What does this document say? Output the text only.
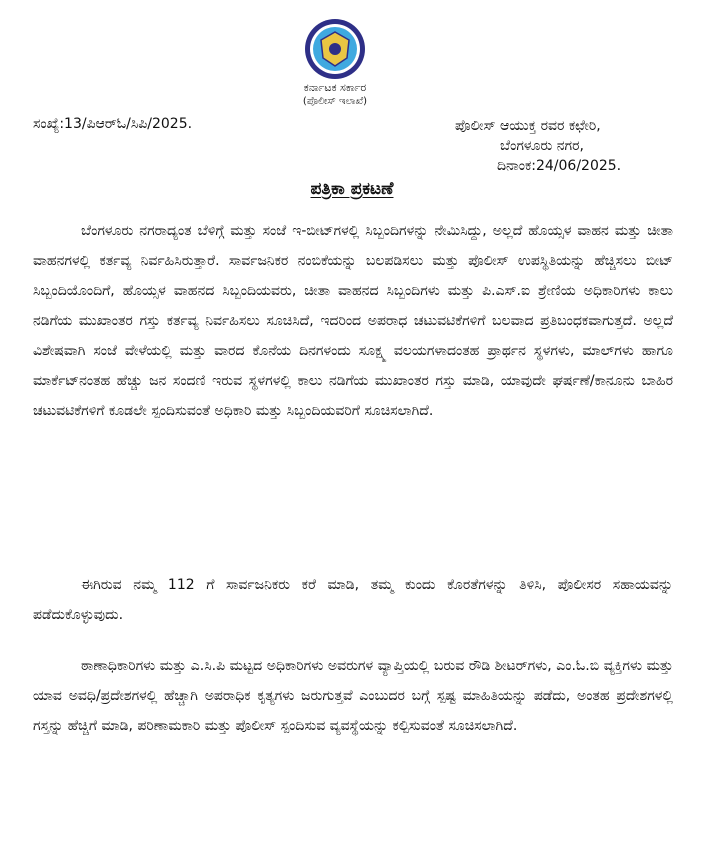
ಕರ್ನಾಟಕ ಸರ್ಕಾರ
(ಪೊಲೀಸ್ ಇಲಾಖೆ)
ಸಂಖ್ಯೆ:13/ಪಿಆರ್‌ಓ/ಸಿ‌ಪಿ/2025.	ಪೊಲೀಸ್ ಆಯುಕ್ತ ರವರ ಕಛೇರಿ,
ಬೆಂಗಳೂರು ನಗರ,
ದಿನಾಂಕ:24/06/2025.
ಪತ್ರಿಕಾ ಪ್ರಕಟಣೆ

ಬೆಂಗಳೂರು ನಗರಾದ್ಯಂತ ಬೆಳಿಗ್ಗೆ ಮತ್ತು ಸಂಜೆ ಇ-ಬೀಟ್‌ಗಳಲ್ಲಿ ಸಿಬ್ಬಂದಿಗಳನ್ನು ನೇಮಿಸಿದ್ದು, ಅಲ್ಲದೆ ಹೊಯ್ಸಳ ವಾಹನ ಮತ್ತು ಚೀತಾ ವಾಹನಗಳಲ್ಲಿ ಕರ್ತವ್ಯ ನಿರ್ವಹಿಸಿರುತ್ತಾರೆ. ಸಾರ್ವಜನಿಕರ ನಂಬಿಕೆಯನ್ನು ಬಲಪಡಿಸಲು ಮತ್ತು ಪೊಲೀಸ್ ಉಪಸ್ಥಿತಿಯನ್ನು ಹೆಚ್ಚಿಸಲು ಬೀಟ್ ಸಿಬ್ಬಂದಿಯೊಂದಿಗೆ, ಹೊಯ್ಸಳ ವಾಹನದ ಸಿಬ್ಬಂದಿಯವರು, ಚೀತಾ ವಾಹನದ ಸಿಬ್ಬಂದಿಗಳು ಮತ್ತು ಪಿ.ಎಸ್.ಐ ಶ್ರೇಣಿಯ ಅಧಿಕಾರಿಗಳು ಕಾಲು ನಡಿಗೆಯ ಮುಖಾಂತರ ಗಸ್ತು ಕರ್ತವ್ಯ ನಿರ್ವಹಿಸಲು ಸೂಚಿಸಿದೆ, ಇದರಿಂದ ಅಪರಾಧ ಚಟುವಟಿಕೆಗಳಿಗೆ ಬಲವಾದ ಪ್ರತಿಬಂಧಕವಾಗುತ್ತದೆ. ಅಲ್ಲದೆ ವಿಶೇಷವಾಗಿ ಸಂಜೆ ವೇಳೆಯಲ್ಲಿ ಮತ್ತು ವಾರದ ಕೊನೆಯ ದಿನಗಳಂದು ಸೂಕ್ಷ್ಮ ವಲಯಗಳಾದಂತಹ ಪ್ರಾರ್ಥನ ಸ್ಥಳಗಳು, ಮಾಲ್‌ಗಳು ಹಾಗೂ ಮಾರ್ಕೆಟ್‌ನಂತಹ ಹೆಚ್ಚು ಜನ ಸಂದಣಿ ಇರುವ ಸ್ಥಳಗಳಲ್ಲಿ ಕಾಲು ನಡಿಗೆಯ ಮುಖಾಂತರ ಗಸ್ತು ಮಾಡಿ, ಯಾವುದೇ ಘರ್ಷಣೆ/ಕಾನೂನು ಬಾಹಿರ ಚಟುವಟಿಕೆಗಳಿಗೆ ಕೂಡಲೇ ಸ್ಪಂದಿಸುವಂತೆ ಅಧಿಕಾರಿ ಮತ್ತು ಸಿಬ್ಬಂದಿಯವರಿಗೆ ಸೂಚಿಸಲಾಗಿದೆ.

ಈಗಿರುವ ನಮ್ಮ 112 ಗೆ ಸಾರ್ವಜನಿಕರು ಕರೆ ಮಾಡಿ, ತಮ್ಮ ಕುಂದು ಕೊರತೆಗಳನ್ನು ತಿಳಿಸಿ, ಪೊಲೀಸರ ಸಹಾಯವನ್ನು ಪಡೆದುಕೊಳ್ಳುವುದು.

ಠಾಣಾಧಿಕಾರಿಗಳು ಮತ್ತು ಎ.ಸಿ.ಪಿ ಮಟ್ಟದ ಅಧಿಕಾರಿಗಳು ಅವರುಗಳ ವ್ಯಾಪ್ತಿಯಲ್ಲಿ ಬರುವ ರೌಡಿ ಶೀಟರ್‌ಗಳು, ಎಂ.ಓ.ಬಿ ವ್ಯಕ್ತಿಗಳು ಮತ್ತು ಯಾವ ಅವಧಿ/ಪ್ರದೇಶಗಳಲ್ಲಿ ಹೆಚ್ಚಾಗಿ ಅಪರಾಧಿಕ ಕೃತ್ಯಗಳು ಜರುಗುತ್ತವೆ ಎಂಬುದರ ಬಗ್ಗೆ ಸ್ಪಷ್ಟ ಮಾಹಿತಿಯನ್ನು ಪಡೆದು, ಅಂತಹ ಪ್ರದೇಶಗಳಲ್ಲಿ ಗಸ್ತನ್ನು ಹೆಚ್ಚಿಗೆ ಮಾಡಿ, ಪರಿಣಾಮಕಾರಿ ಮತ್ತು ಪೊಲೀಸ್ ಸ್ಪಂದಿಸುವ ವ್ಯವಸ್ಥೆಯನ್ನು ಕಲ್ಪಿಸುವಂತೆ ಸೂಚಿಸಲಾಗಿದೆ.
